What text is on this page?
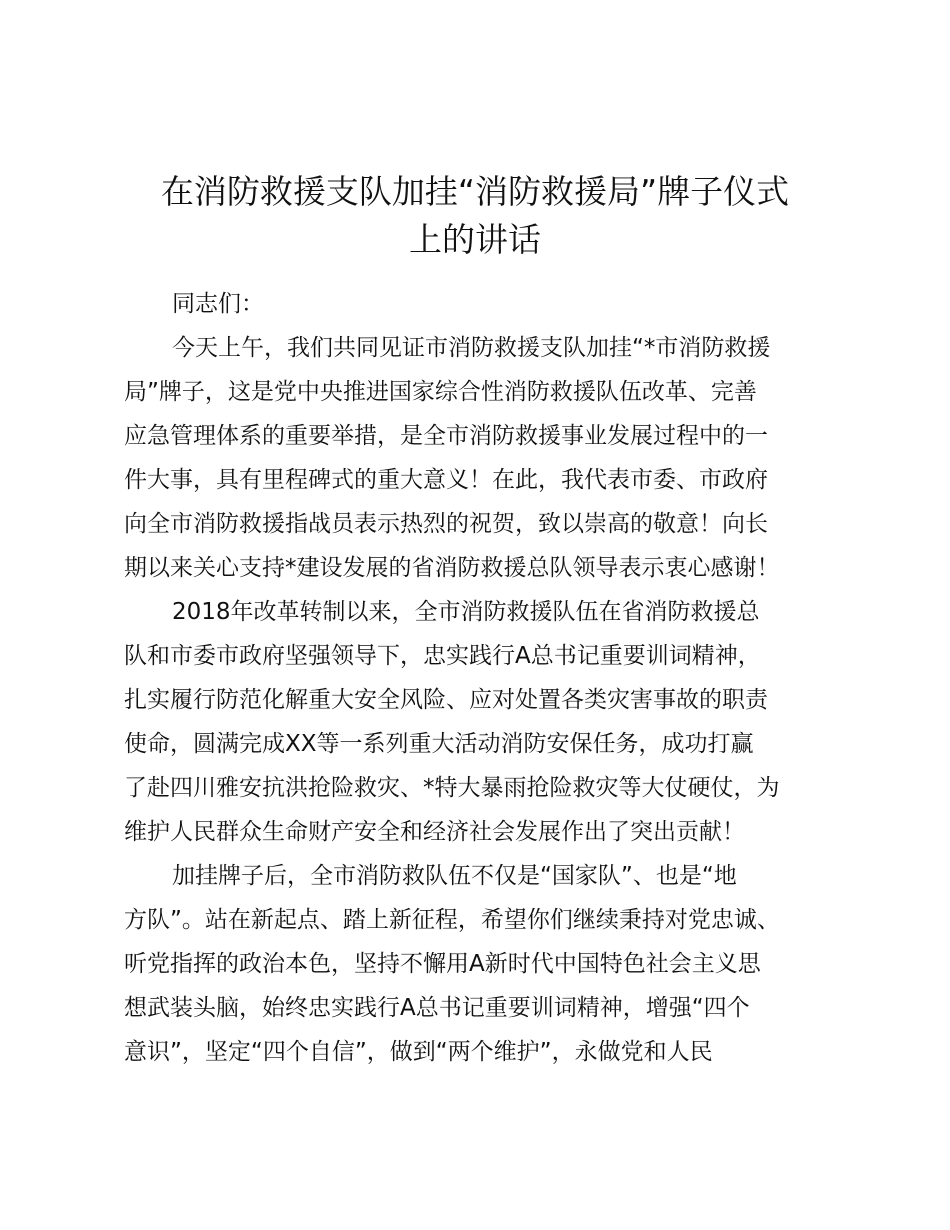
在消防救援支队加挂“消防救援局”牌子仪式
上的讲话
同志们：
今天上午，我们共同见证市消防救援支队加挂“*市消防救援
局”牌子，这是党中央推进国家综合性消防救援队伍改革、完善
应急管理体系的重要举措，是全市消防救援事业发展过程中的一
件大事，具有里程碑式的重大意义！在此，我代表市委、市政府
向全市消防救援指战员表示热烈的祝贺，致以崇高的敬意！向长
期以来关心支持*建设发展的省消防救援总队领导表示衷心感谢！
2018年改革转制以来，全市消防救援队伍在省消防救援总
队和市委市政府坚强领导下，忠实践行A总书记重要训词精神，
扎实履行防范化解重大安全风险、应对处置各类灾害事故的职责
使命，圆满完成XX等一系列重大活动消防安保任务，成功打赢
了赴四川雅安抗洪抢险救灾、*特大暴雨抢险救灾等大仗硬仗，为
维护人民群众生命财产安全和经济社会发展作出了突出贡献！
加挂牌子后，全市消防救队伍不仅是“国家队”、也是“地
方队”。站在新起点、踏上新征程，希望你们继续秉持对党忠诚、
听党指挥的政治本色，坚持不懈用A新时代中国特色社会主义思
想武装头脑，始终忠实践行A总书记重要训词精神，增强“四个
意识”，坚定“四个自信”，做到“两个维护”，永做党和人民
